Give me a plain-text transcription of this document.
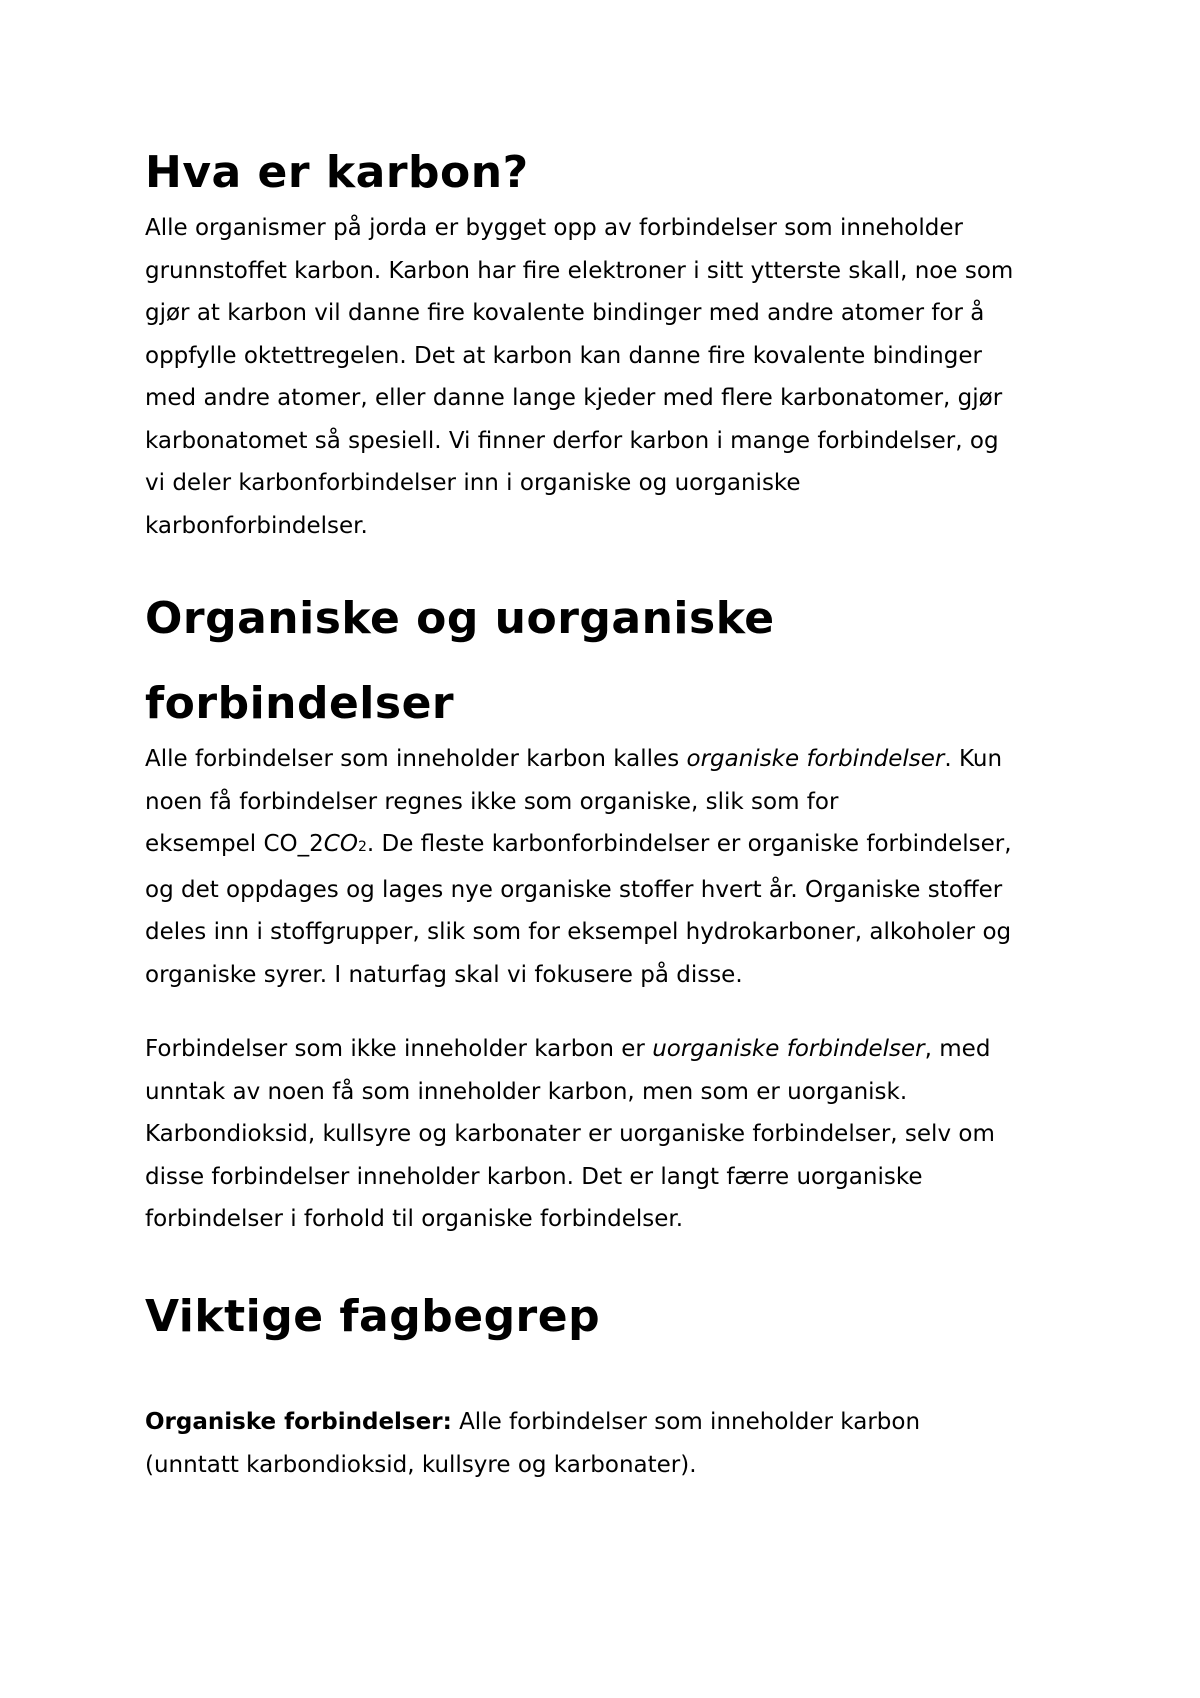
Hva er karbon?

Alle organismer på jorda er bygget opp av forbindelser som inneholder
grunnstoffet karbon. Karbon har fire elektroner i sitt ytterste skall, noe som
gjør at karbon vil danne fire kovalente bindinger med andre atomer for å
oppfylle oktettregelen. Det at karbon kan danne fire kovalente bindinger
med andre atomer, eller danne lange kjeder med flere karbonatomer, gjør
karbonatomet så spesiell. Vi finner derfor karbon i mange forbindelser, og
vi deler karbonforbindelser inn i organiske og uorganiske
karbonforbindelser.

Organiske og uorganiske
forbindelser

Alle forbindelser som inneholder karbon kalles organiske forbindelser. Kun
noen få forbindelser regnes ikke som organiske, slik som for
eksempel CO_2CO2. De fleste karbonforbindelser er organiske forbindelser,
og det oppdages og lages nye organiske stoffer hvert år. Organiske stoffer
deles inn i stoffgrupper, slik som for eksempel hydrokarboner, alkoholer og
organiske syrer. I naturfag skal vi fokusere på disse.

Forbindelser som ikke inneholder karbon er uorganiske forbindelser, med
unntak av noen få som inneholder karbon, men som er uorganisk.
Karbondioksid, kullsyre og karbonater er uorganiske forbindelser, selv om
disse forbindelser inneholder karbon. Det er langt færre uorganiske
forbindelser i forhold til organiske forbindelser.

Viktige fagbegrep

Organiske forbindelser: Alle forbindelser som inneholder karbon
(unntatt karbondioksid, kullsyre og karbonater).
